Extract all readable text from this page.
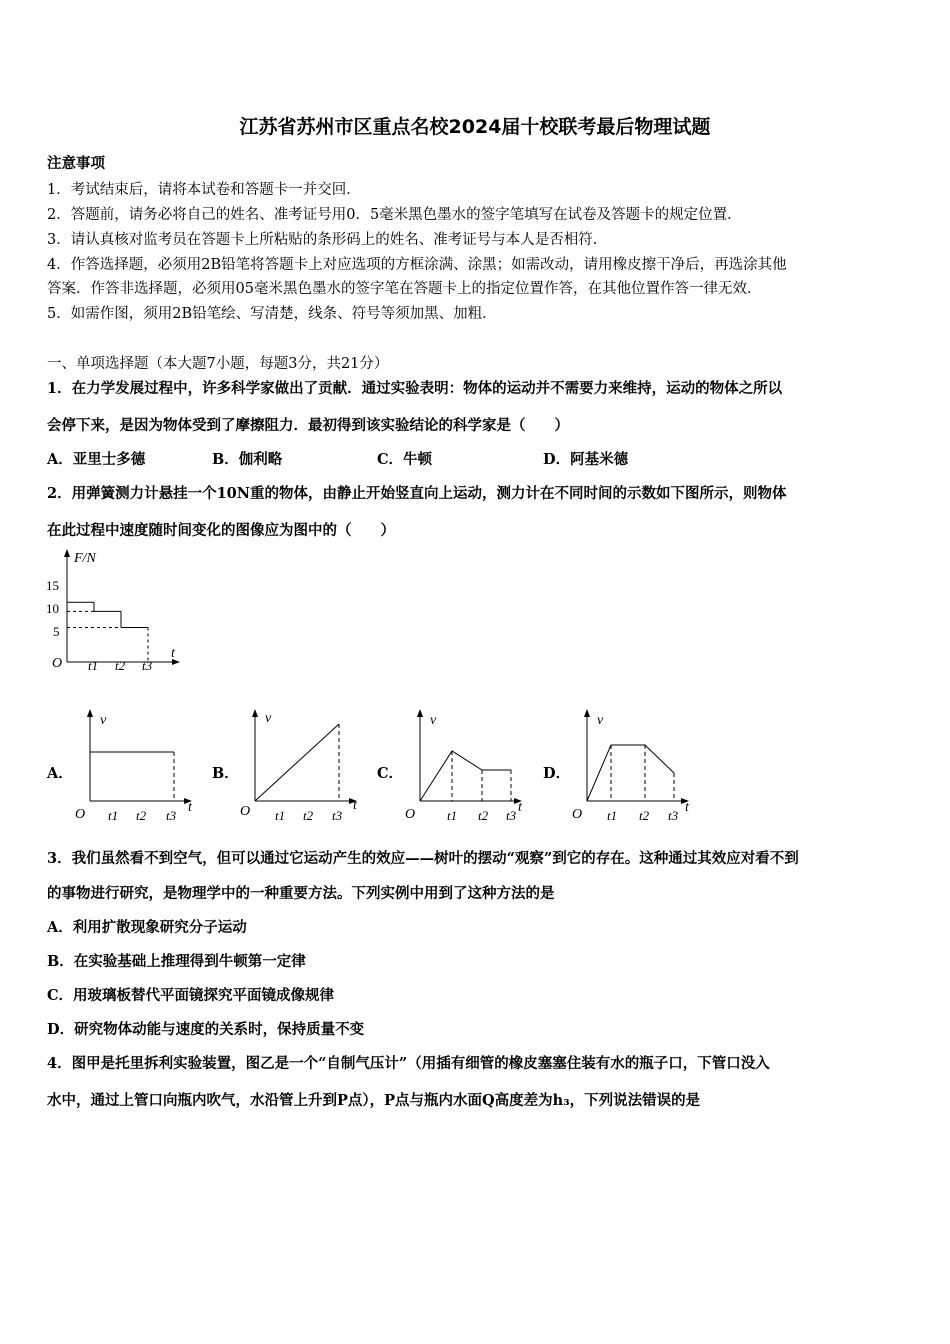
江苏省苏州市区重点名校2024届十校联考最后物理试题
注意事项
1．考试结束后，请将本试卷和答题卡一并交回．
2．答题前，请务必将自己的姓名、准考证号用0．5毫米黑色墨水的签字笔填写在试卷及答题卡的规定位置．
3．请认真核对监考员在答题卡上所粘贴的条形码上的姓名、准考证号与本人是否相符．
4．作答选择题，必须用2B铅笔将答题卡上对应选项的方框涂满、涂黑；如需改动，请用橡皮擦干净后，再选涂其他
答案．作答非选择题，必须用05毫米黑色墨水的签字笔在答题卡上的指定位置作答，在其他位置作答一律无效．
5．如需作图，须用2B铅笔绘、写清楚，线条、符号等须加黑、加粗．
一、单项选择题（本大题7小题，每题3分，共21分）
1．在力学发展过程中，许多科学家做出了贡献．通过实验表明：物体的运动并不需要力来维持，运动的物体之所以
会停下来，是因为物体受到了摩擦阻力．最初得到该实验结论的科学家是（　　）
A．亚里士多德	B．伽利略	C．牛顿	D．阿基米德
2．用弹簧测力计悬挂一个10N重的物体，由静止开始竖直向上运动，测力计在不同时间的示数如下图所示，则物体
在此过程中速度随时间变化的图像应为图中的（　　）
F/N
t
O
15
10
5
t1 t2 t3
A．	B．	C．	D．
v
t
O t1 t2 t3
v
t
O t1 t2 t3
v
t
O t1 t2 t3
v
t
O t1 t2 t3
3．我们虽然看不到空气，但可以通过它运动产生的效应——树叶的摆动“观察”到它的存在。这种通过其效应对看不到
的事物进行研究，是物理学中的一种重要方法。下列实例中用到了这种方法的是
A．利用扩散现象研究分子运动
B．在实验基础上推理得到牛顿第一定律
C．用玻璃板替代平面镜探究平面镜成像规律
D．研究物体动能与速度的关系时，保持质量不变
4．图甲是托里拆利实验装置，图乙是一个“自制气压计”（用插有细管的橡皮塞塞住装有水的瓶子口，下管口没入
水中，通过上管口向瓶内吹气，水沿管上升到P点），P点与瓶内水面Q高度差为h₃，下列说法错误的是
